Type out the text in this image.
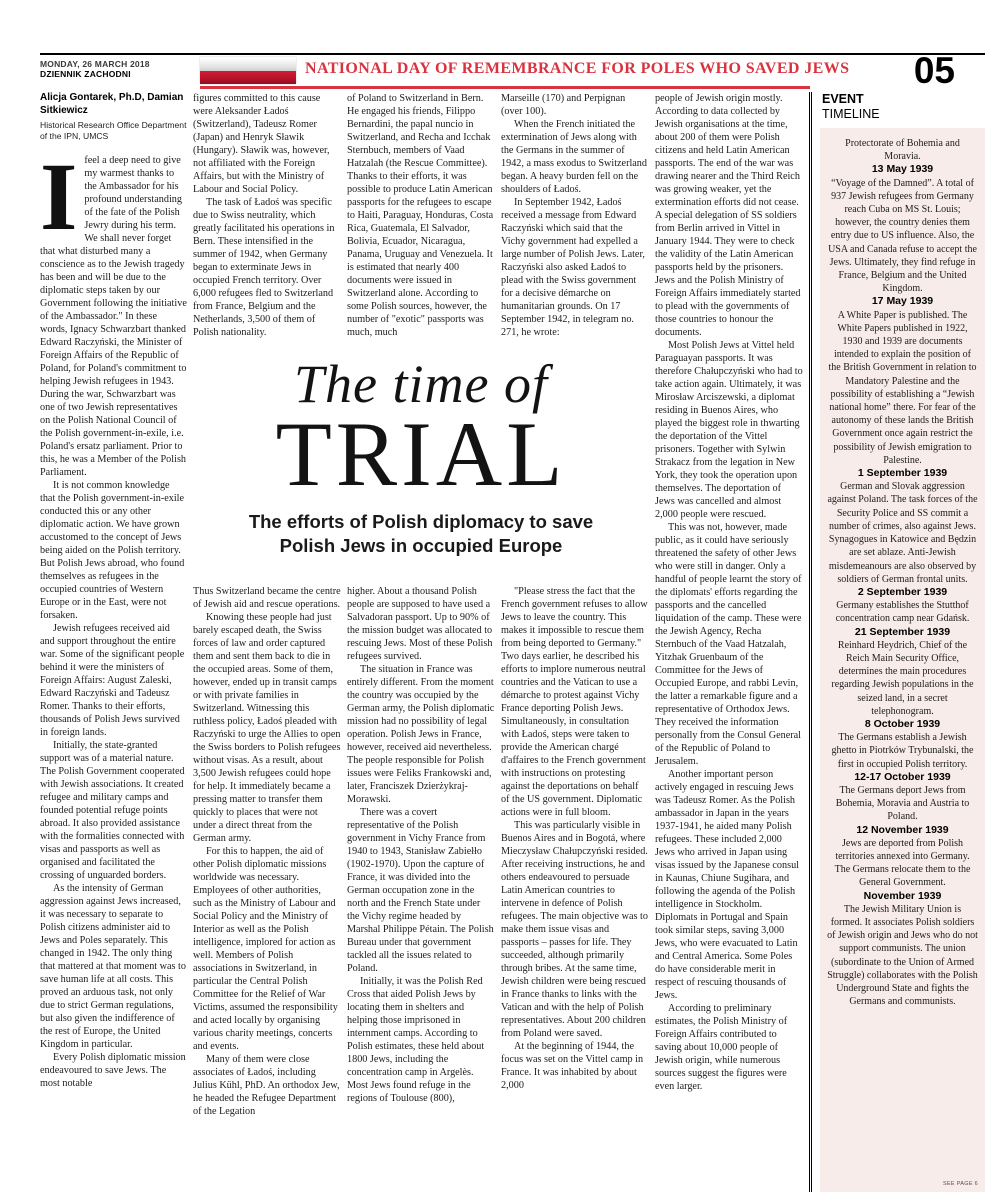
MONDAY, 26 MARCH 2018
DZIENNIK ZACHODNI	NATIONAL DAY OF REMEMBRANCE FOR POLES WHO SAVED JEWS 05
Alicja Gontarek, Ph.D, Damian Sitkiewicz
Historical Research Office Department of the IPN, UMCS

Ifeel a deep need to give my warmest thanks to the Ambassador for his profound understanding of the fate of the Polish Jewry during his term. We shall never forget that what disturbed many a conscience as to the Jewish tragedy has been and will be due to the diplomatic steps taken by our Government following the initiative of the Ambassador." In these words, Ignacy Schwarzbart thanked Edward Raczyński, the Minister of Foreign Affairs of the Republic of Poland, for Poland's commitment to helping Jewish refugees in 1943. During the war, Schwarzbart was one of two Jewish representatives on the Polish National Council of the Polish government-in-exile, i.e. Poland's ersatz parliament. Prior to this, he was a Member of the Polish Parliament.

It is not common knowledge that the Polish government-in-exile conducted this or any other diplomatic action. We have grown accustomed to the concept of Jews being aided on the Polish territory. But Polish Jews abroad, who found themselves as refugees in the occupied countries of Western Europe or in the East, were not forsaken.

Jewish refugees received aid and support throughout the entire war. Some of the significant people behind it were the ministers of Foreign Affairs: August Zaleski, Edward Raczyński and Tadeusz Romer. Thanks to their efforts, thousands of Polish Jews survived in foreign lands.

Initially, the state-granted support was of a material nature. The Polish Government cooperated with Jewish associations. It created refugee and military camps and founded potential refuge points abroad. It also provided assistance with the formalities connected with visas and passports as well as organised and facilitated the crossing of unguarded borders.

As the intensity of German aggression against Jews increased, it was necessary to separate to Polish citizens administer aid to Jews and Poles separately. This changed in 1942. The only thing that mattered at that moment was to save human life at all costs. This proved an arduous task, not only due to strict German regulations, but also given the indifference of the rest of Europe, the United Kingdom in particular.

Every Polish diplomatic mission endeavoured to save Jews. The most notable

figures committed to this cause were Aleksander Ładoś (Switzerland), Tadeusz Romer (Japan) and Henryk Sławik (Hungary). Sławik was, however, not affiliated with the Foreign Affairs, but with the Ministry of Labour and Social Policy.

The task of Ładoś was specific due to Swiss neutrality, which greatly facilitated his operations in Bern. These intensified in the summer of 1942, when Germany began to exterminate Jews in occupied French territory. Over 6,000 refugees fled to Switzerland from France, Belgium and the Netherlands, 3,500 of them of Polish nationality.

Thus Switzerland became the centre of Jewish aid and rescue operations.

Knowing these people had just barely escaped death, the Swiss forces of law and order captured them and sent them back to die in the occupied areas. Some of them, however, ended up in transit camps or with private families in Switzerland. Witnessing this ruthless policy, Ładoś pleaded with Raczyński to urge the Allies to open the Swiss borders to Polish refugees without visas. As a result, about 3,500 Jewish refugees could hope for help. It immediately became a pressing matter to transfer them quickly to places that were not under a direct threat from the German army.

For this to happen, the aid of other Polish diplomatic missions worldwide was necessary. Employees of other authorities, such as the Ministry of Labour and Social Policy and the Ministry of Interior as well as the Polish intelligence, implored for action as well. Members of Polish associations in Switzerland, in particular the Central Polish Committee for the Relief of War Victims, assumed the responsibility and acted locally by organising various charity meetings, concerts and events.

Many of them were close associates of Ładoś, including Julius Kühl, PhD. An orthodox Jew, he headed the Refugee Department of the Legation

of Poland to Switzerland in Bern. He engaged his friends, Filippo Bernardini, the papal nuncio in Switzerland, and Recha and Icchak Sternbuch, members of Vaad Hatzalah (the Rescue Committee). Thanks to their efforts, it was possible to produce Latin American passports for the refugees to escape to Haiti, Paraguay, Honduras, Costa Rica, Guatemala, El Salvador, Bolivia, Ecuador, Nicaragua, Panama, Uruguay and Venezuela. It is estimated that nearly 400 documents were issued in Switzerland alone. According to some Polish sources, however, the number of "exotic" passports was much, much

higher. About a thousand Polish people are supposed to have used a Salvadoran passport. Up to 90% of the mission budget was allocated to rescuing Jews. Most of these Polish refugees survived.

The situation in France was entirely different. From the moment the country was occupied by the German army, the Polish diplomatic mission had no possibility of legal operation. Polish Jews in France, however, received aid nevertheless. The people responsible for Polish issues were Feliks Frankowski and, later, Franciszek Dzierżykraj-Morawski.

There was a covert representative of the Polish government in Vichy France from 1940 to 1943, Stanisław Zabiełło (1902-1970). Upon the capture of France, it was divided into the German occupation zone in the north and the French State under the Vichy regime headed by Marshal Philippe Pétain. The Polish Bureau under that government tackled all the issues related to Poland.

Initially, it was the Polish Red Cross that aided Polish Jews by locating them in shelters and helping those imprisoned in internment camps. According to Polish estimates, these held about 1800 Jews, including the concentration camp in Argelès. Most Jews found refuge in the regions of Toulouse (800),

Marseille (170) and Perpignan (over 100).

When the French initiated the extermination of Jews along with the Germans in the summer of 1942, a mass exodus to Switzerland began. A heavy burden fell on the shoulders of Ładoś.

In September 1942, Ładoś received a message from Edward Raczyński which said that the Vichy government had expelled a large number of Polish Jews. Later, Raczyński also asked Ładoś to plead with the Swiss government for a decisive démarche on humanitarian grounds. On 17 September 1942, in telegram no. 271, he wrote:

"Please stress the fact that the French government refuses to allow Jews to leave the country. This makes it impossible to rescue them from being deported to Germany." Two days earlier, he described his efforts to implore numerous neutral countries and the Vatican to use a démarche to protest against Vichy France deporting Polish Jews. Simultaneously, in consultation with Ładoś, steps were taken to provide the American chargé d'affaires to the French government with instructions on protesting against the deportations on behalf of the US government. Diplomatic actions were in full bloom.

This was particularly visible in Buenos Aires and in Bogotá, where Mieczysław Chałupczyński resided. After receiving instructions, he and others endeavoured to persuade Latin American countries to intervene in defence of Polish refugees. The main objective was to make them issue visas and passports – passes for life. They succeeded, although primarily through bribes. At the same time, Jewish children were being rescued in France thanks to links with the Vatican and with the help of Polish representatives. About 200 children from Poland were saved.

At the beginning of 1944, the focus was set on the Vittel camp in France. It was inhabited by about 2,000

people of Jewish origin mostly. According to data collected by Jewish organisations at the time, about 200 of them were Polish citizens and held Latin American passports. The end of the war was drawing nearer and the Third Reich was growing weaker, yet the extermination efforts did not cease. A special delegation of SS soldiers from Berlin arrived in Vittel in January 1944. They were to check the validity of the Latin American passports held by the prisoners. Jews and the Polish Ministry of Foreign Affairs immediately started to plead with the governments of those countries to honour the documents.

Most Polish Jews at Vittel held Paraguayan passports. It was therefore Chałupczyński who had to take action again. Ultimately, it was Mirosław Arciszewski, a diplomat residing in Buenos Aires, who played the biggest role in thwarting the deportation of the Vittel prisoners. Together with Sylwin Strakacz from the legation in New York, they took the operation upon themselves. The deportation of Jews was cancelled and almost 2,000 people were rescued.

This was not, however, made public, as it could have seriously threatened the safety of other Jews who were still in danger. Only a handful of people learnt the story of the diplomats' efforts regarding the passports and the cancelled liquidation of the camp. These were the Jewish Agency, Recha Sternbuch of the Vaad Hatzalah, Yitzhak Gruenbaum of the Committee for the Jews of Occupied Europe, and rabbi Levin, the latter a remarkable figure and a representative of Orthodox Jews. They received the information personally from the Consul General of the Republic of Poland to Jerusalem.

Another important person actively engaged in rescuing Jews was Tadeusz Romer. As the Polish ambassador in Japan in the years 1937-1941, he aided many Polish refugees. These included 2,000 Jews who arrived in Japan using visas issued by the Japanese consul in Kaunas, Chiune Sugihara, and following the agenda of the Polish intelligence in Stockholm. Diplomats in Portugal and Spain took similar steps, saving 3,000 Jews, who were evacuated to Latin and Central America. Some Poles do have considerable merit in respect of rescuing thousands of Jews.

According to preliminary estimates, the Polish Ministry of Foreign Affairs contributed to saving about 10,000 people of Jewish origin, while numerous sources suggest the figures were even larger.

The time of
TRIAL
The efforts of Polish diplomacy to save
Polish Jews in occupied Europe
EVENT
TIMELINE
Protectorate of Bohemia and Moravia.
13 May 1939
“Voyage of the Damned”. A total of 937 Jewish refugees from Germany reach Cuba on MS St. Louis; however, the country denies them entry due to US influence. Also, the USA and Canada refuse to accept the Jews. Ultimately, they find refuge in France, Belgium and the United Kingdom.
17 May 1939
A White Paper is published. The White Papers published in 1922, 1930 and 1939 are documents intended to explain the position of the British Government in relation to Mandatory Palestine and the possibility of establishing a “Jewish national home” there. For fear of the autonomy of these lands the British Government once again restrict the possibility of Jewish emigration to Palestine.
1 September 1939
German and Slovak aggression against Poland. The task forces of the Security Police and SS commit a number of crimes, also against Jews. Synagogues in Katowice and Będzin are set ablaze. Anti-Jewish misdemeanours are also observed by soldiers of German frontal units.
2 September 1939
Germany establishes the Stutthof concentration camp near Gdańsk.
21 September 1939
Reinhard Heydrich, Chief of the Reich Main Security Office, determines the main procedures regarding Jewish populations in the seized land, in a secret telephonogram.
8 October 1939
The Germans establish a Jewish ghetto in Piotrków Trybunalski, the first in occupied Polish territory.
12-17 October 1939
The Germans deport Jews from Bohemia, Moravia and Austria to Poland.
12 November 1939
Jews are deported from Polish territories annexed into Germany. The Germans relocate them to the General Government.
November 1939
The Jewish Military Union is formed. It associates Polish soldiers of Jewish origin and Jews who do not support communists. The union (subordinate to the Union of Armed Struggle) collaborates with the Polish Underground State and fights the Germans and communists.
SEE PAGE 6
